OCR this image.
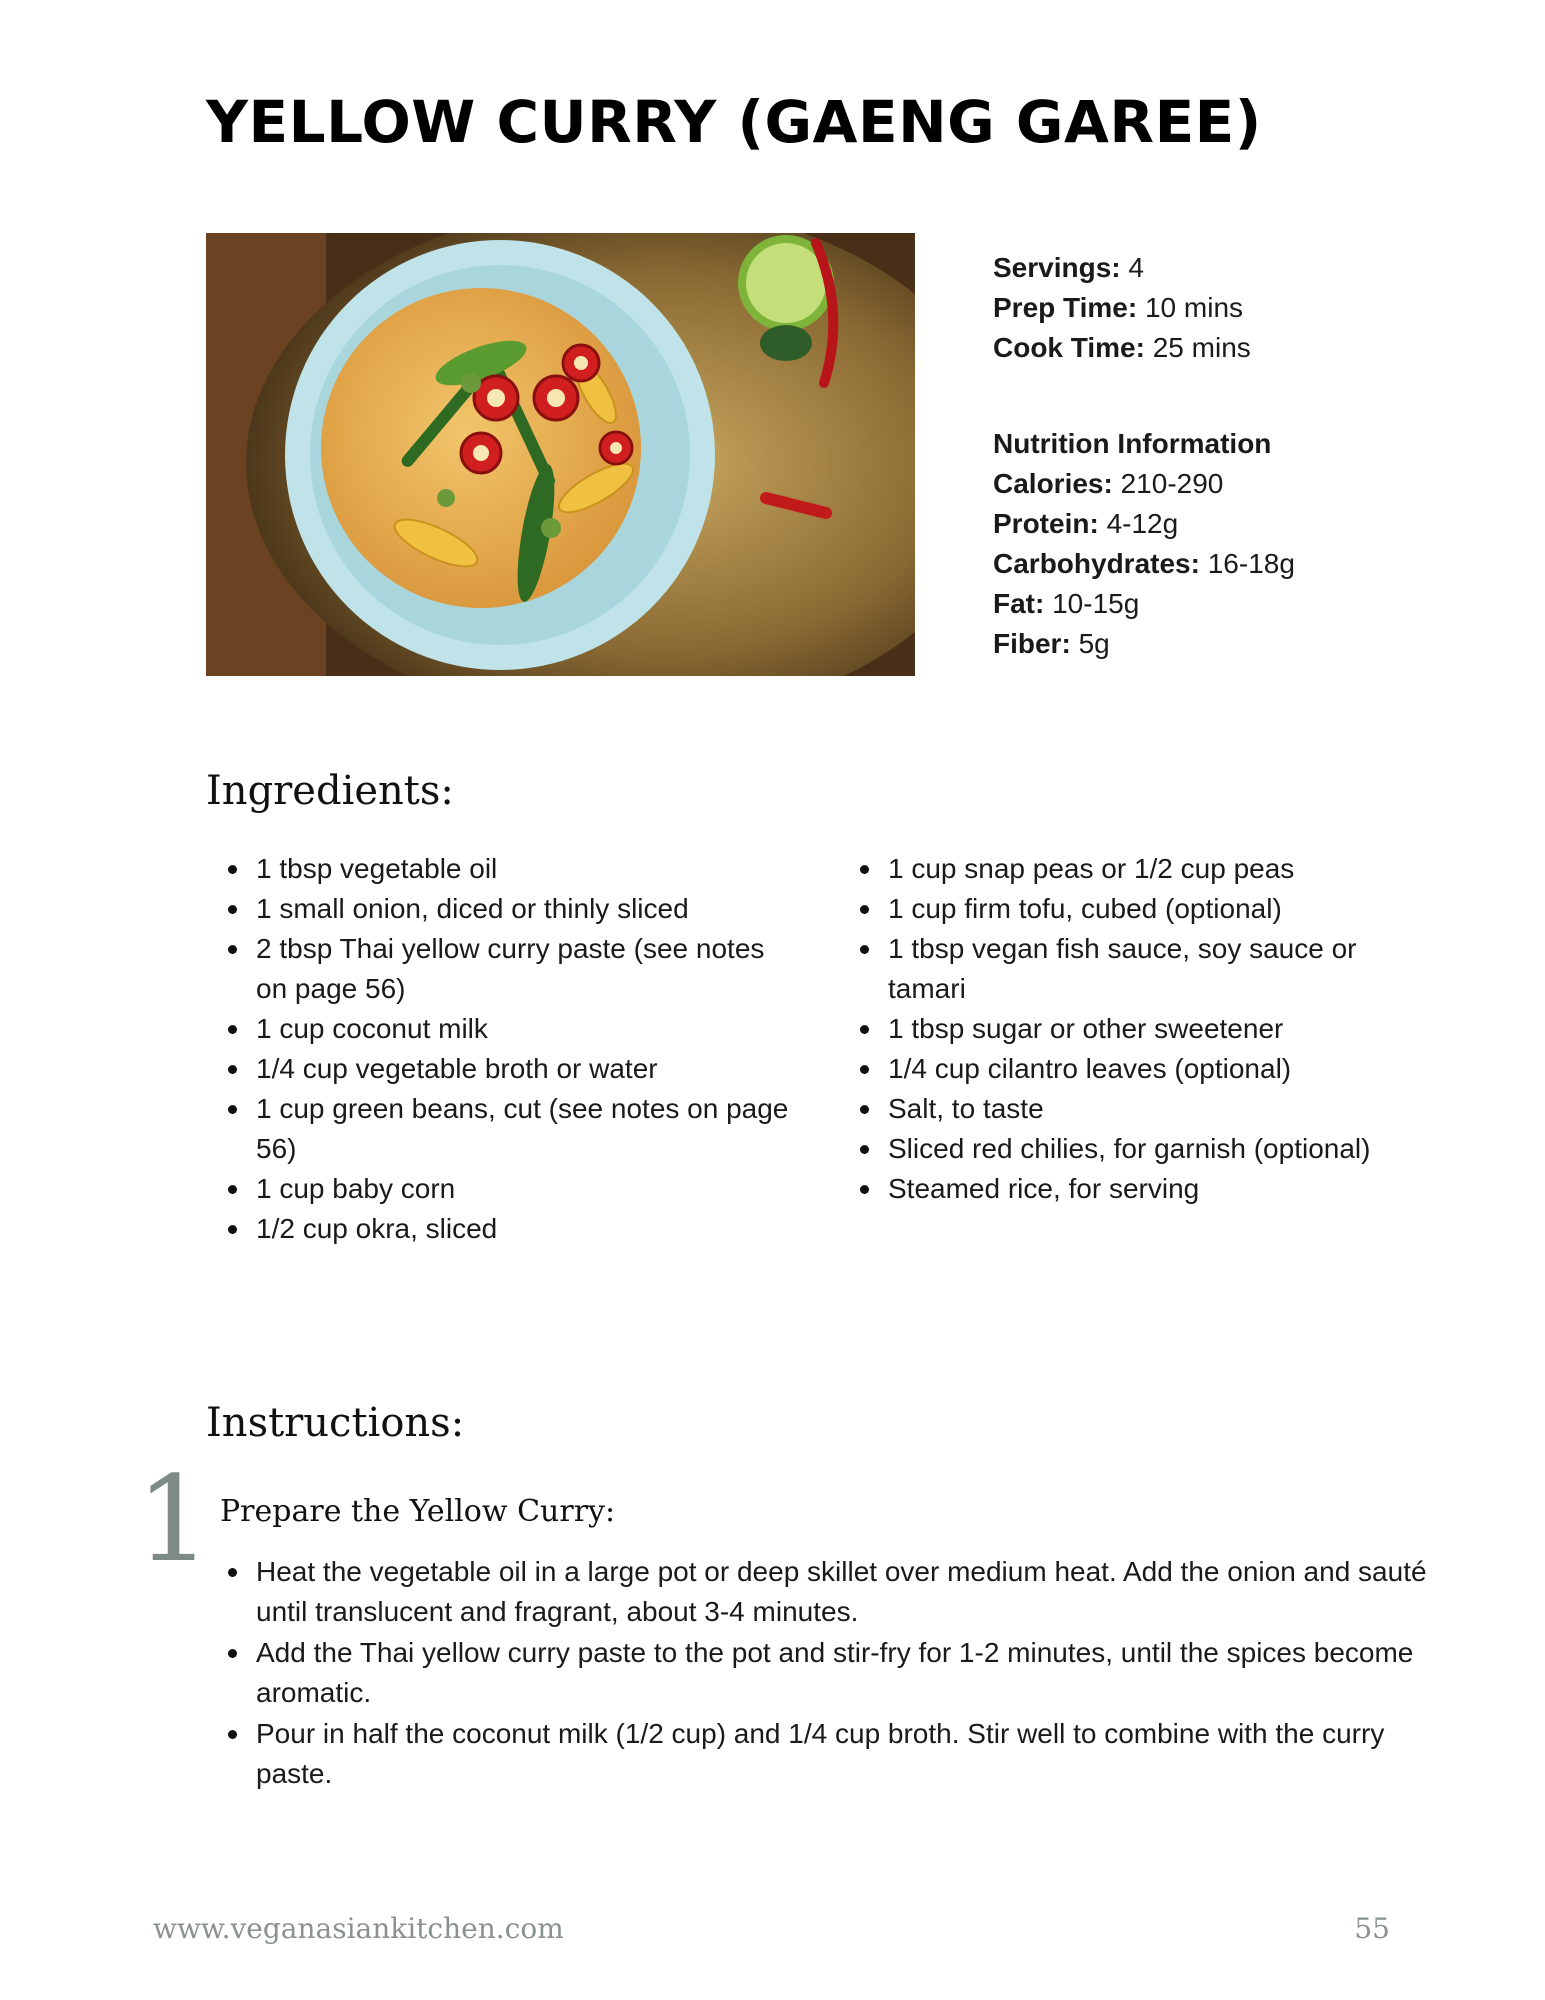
YELLOW CURRY (GAENG GAREE)
Servings: 4
Prep Time: 10 mins
Cook Time: 25 mins
Nutrition Information
Calories: 210-290
Protein: 4-12g
Carbohydrates: 16-18g
Fat: 10-15g
Fiber: 5g
Ingredients:
1 tbsp vegetable oil
1 small onion, diced or thinly sliced
2 tbsp Thai yellow curry paste (see notes on page 56)
1 cup coconut milk
1/4 cup vegetable broth or water
1 cup green beans, cut (see notes on page 56)
1 cup baby corn
1/2 cup okra, sliced
1 cup snap peas or 1/2 cup peas
1 cup firm tofu, cubed (optional)
1 tbsp vegan fish sauce, soy sauce or tamari
1 tbsp sugar or other sweetener
1/4 cup cilantro leaves (optional)
Salt, to taste
Sliced red chilies, for garnish (optional)
Steamed rice, for serving
Instructions:
1 Prepare the Yellow Curry:
Heat the vegetable oil in a large pot or deep skillet over medium heat. Add the onion and sauté until translucent and fragrant, about 3-4 minutes.
Add the Thai yellow curry paste to the pot and stir-fry for 1-2 minutes, until the spices become aromatic.
Pour in half the coconut milk (1/2 cup) and 1/4 cup broth. Stir well to combine with the curry paste.
www.veganasiankitchen.com	55
